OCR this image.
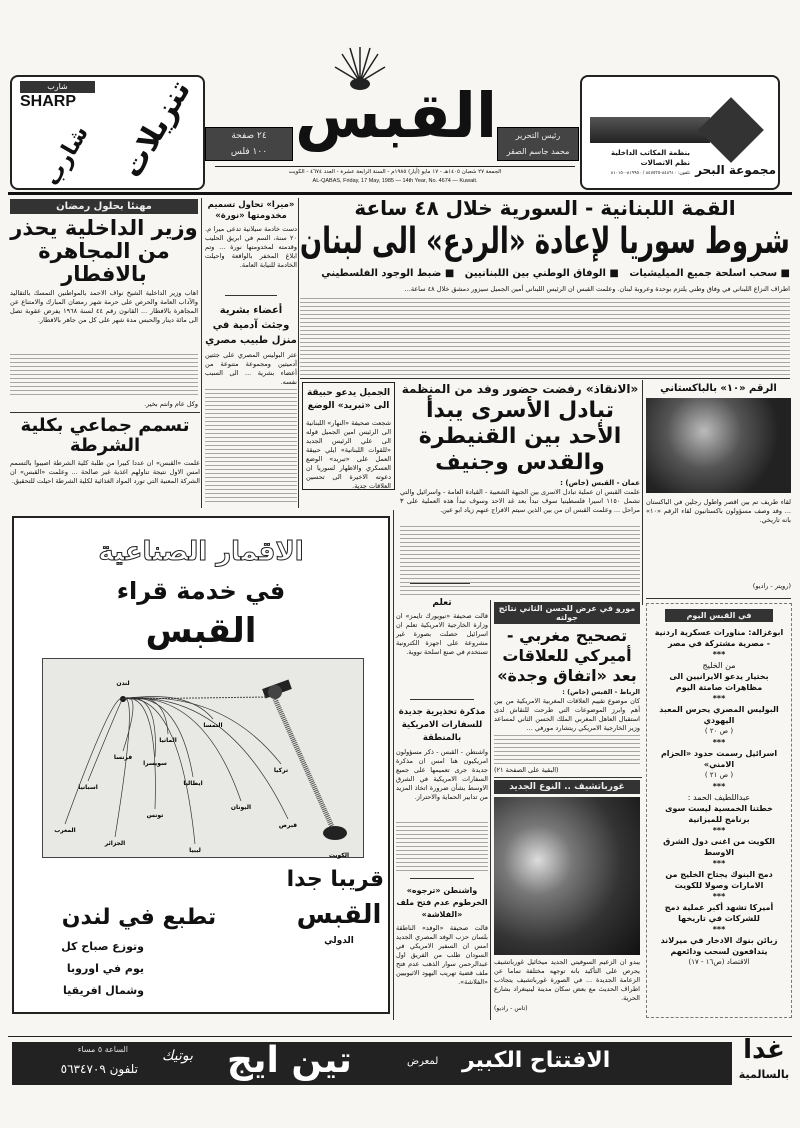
شارب
SHARP تنزيلات
شارب	٢٤ صفحة
١٠٠ فلس القبس	رئيس التحرير
محمد جاسم الصقر
الجمعة ٢٧ شعبان ١٤٠٥هـ - ١٧ مايو (أيار) ١٩٨٥م - السنة الرابعة عشرة - العدد ٤٦٧٤ - الكويت
AL-QABAS, Friday, 17 May, 1985 — 14th Year, No. 4674 — Kuwait.
بنظمة المكاتب الداخلية
نظم الاتصالات
تلفون: ٨٤٨٦١٠-٨٤٧٥٣٥ / ٨١٩٩٥٠-٨١٠١٥٠ مجموعة البحر
القمة اللبنانية - السورية خلال ٤٨ ساعة
شروط سوريا لإعادة «الردع» الى لبنان
■ سحب اسلحة جميع الميليشيات   ■ الوفاق الوطني بين اللبنانيين   ■ ضبط الوجود الفلسطيني
اطراف النزاع اللبناني في وفاق وطني يلتزم بوحدة وعروبة لبنان. وعلمت القبس ان الرئيس اللبناني أمين الجميل سيزور دمشق خلال ٤٨ ساعة...
مهنئا بحلول رمضان
وزير الداخلية يحذر من المجاهرة بالافطار
اهاب وزير الداخلية الشيخ نواف الاحمد بالمواطنين التمسك بالتقاليد والآداب العامة والحرص على حرمة شهر رمضان المبارك والامتناع عن المجاهرة بالافطار ... القانون رقم ٤٤ لسنة ١٩٦٨ يفرض عقوبة تصل الى مائة دينار والحبس مدة شهر على كل من جاهر بالافطار.
وكل عام وانتم بخير.
تسمم جماعي بكلية الشرطة
علمت «القبس» ان عددا كبيرا من طلبة كلية الشرطة اصيبوا بالتسمم امس الاول نتيجة تناولهم اغذية غير صالحة ... وعلمت «القبس» ان الشركة المعنية التي تورد المواد الغذائية لكلية الشرطة احيلت للتحقيق.
«ميرا» تحاول تسميم مخدومتها «نورة»
دست خادمة سيلانية تدعى ميرا م. ٢٠ سنة، السم في ابريق الحليب وقدمته لمخدومتها نورة ... وتم ابلاغ المخفر بالواقعة واحيلت الخادمة للنيابة العامة.
أعضاء بشرية وجثث آدمية في منزل طبيب مصري
عثر البوليس المصري على جثتين آدميتين ومجموعة متنوعة من أعضاء بشرية ... الى السبب نفسه.
الجميل يدعو حبيقة الى «تبريد» الوضع
شجعت صحيفة «النهار» اللبنانية الى الرئيس امين الجميل قوله الى علي الرئيس الجديد «للقوات اللبنانية» ايلي حبيقة العمل على «تبريد» الوضع العسكري والاظهار لسوريا ان دعوته الاخيرة الى تحسين العلاقات جدية.
«الانقاذ» رفضت حضور وفد من المنظمة
تبادل الأسرى يبدأ الأحد بين القنيطرة والقدس وجنيف
عمان - القبس (خاص) :
علمت القبس ان عملية تبادل الاسرى بين الجبهة الشعبية - القيادة العامة - واسرائيل والتي تشمل ١١٥٠ اسيرا فلسطينيا سوف تبدأ بعد غد الاحد وسوف تبدأ هذه العملية على ٣ مراحل ... وعلمت القبس ان من بين الذين سيتم الافراج عنهم زياد ابو عين.
الرقم «١٠» بالباكستاني
لقاء طريف تم بين اقصر واطول رجلين في الباكستان ... وقد وصف مسؤولون باكستانيون لقاء الرقم «١٠» بانه تاريخي.
(رويتر - راديو)
الاقمار الصناعية
في خدمة قراء
القبس
لندن
المانيا
النمسا
ايطاليا
سويسرا
فرنسا
اسبانيا
المغرب
الجزائر
تونس
ليبيا
اليونان
قبرص
تركيا
الكويت
قريبا جدا
القبس
الدولي
تطبع في لندن
وتوزع صباح كل
يوم في اوروبا
وشمال افريقيا
تعلم
قالت صحيفة «نيويورك تايمز» ان وزارة الخارجية الامريكية تعلم ان اسرائيل حصلت بصورة غير مشروعة على اجهزة الكترونية تستخدم في صنع اسلحة نووية.
مذكرة تحذيرية جديدة للسفارات الامريكية بالمنطقة
واشنطن - القبس - ذكر مسؤولون امريكيون هنا امس ان مذكرة جديدة جرى تعميمها على جميع السفارات الامريكية في الشرق الاوسط بشأن ضرورة اتخاذ المزيد من تدابير الحماية والاحتراز.
واشنطن «ترجوه» الخرطوم عدم فتح ملف «الفلاشة»
قالت صحيفة «الوفد» الناطقة بلسان حزب الوفد المصري الجديد امس ان السفير الامريكي في السودان طلب من الفريق اول عبدالرحمن سوار الذهب عدم فتح ملف قضية تهريب اليهود الاثيوبيين «الفلاشة».
مورو في عرض للحسن الثاني نتائج جولته
تصحيح مغربي - أميركي للعلاقات بعد «اتفاق وجدة»
الرباط - القبس (خاص) :
كان موضوع تقييم العلاقات المغربية الامريكية من بين أهم وابرز الموضوعات التي طرحت للنقاش لدى استقبال العاهل المغربي الملك الحسن الثاني لمساعد وزير الخارجية الامريكي ريتشارد مورفي ...
(البقية على الصفحة ٢١)
غورباتشيف .. النوع الجديد
يبدو ان الزعيم السوفيتي الجديد ميخائيل غورباتشيف يحرص على التأكيد بانه توجهه مختلفة تماما عن الزعامة الجديدة ... في الصورة غورباتشيف يتجاذب اطراف الحديث مع بعض سكان مدينة لينينغراد بشارع الحرية.
(تاس - رادیو)
في القبس اليوم
ابوغزالة: مناورات عسكرية اردنية - مصرية مشتركة في مصر
***
من الخليج
بختيار يدعو الايرانيين الى مظاهرات صامتة اليوم
***
البوليس المصري يحرس المعبد اليهودي
( ص ٢٠ )
***
اسرائيل رسمت حدود «الحزام الامني»
( ص ٢١ )
***
عبداللطيف الحمد :
خطتنا الخمسية ليست سوى برنامج للميزانية
***
الكويت من اغنى دول الشرق الاوسط
***
دمج البنوك يجتاح الخليج من الامارات وصولا للكويت
***
أميركا تشهد أكبر عملية دمج للشركات في تاريخها
***
زبائن بنوك الادخار في ميرلاند يتدافعون لسحب ودائعهم
الاقتصاد (ص١٦ - ١٧)
الساعة ٥ مساء
تلفون ٥٦٣٤٧٠٩
بوتيك تين ايج	لمعرض الافتتاح الكبير	غدا
بالسالمية
